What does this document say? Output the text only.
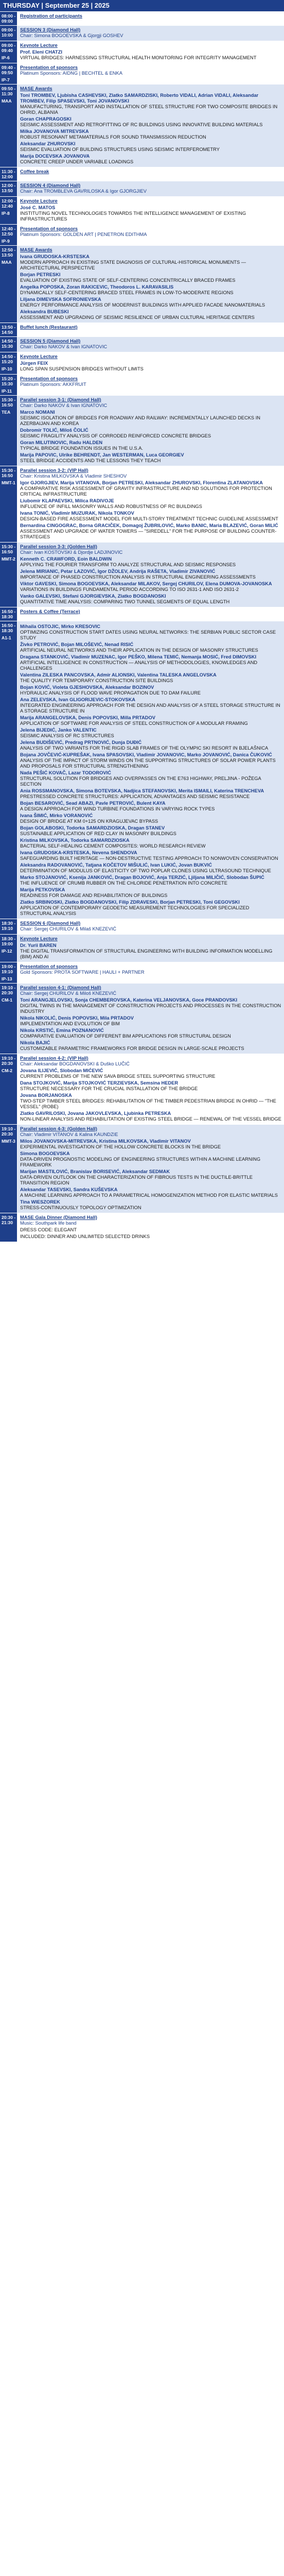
THURSDAY | September 25 | 2025
08:00 - 09:00
Registration of participants
09:00 - 10:00
SESSION 3 (Diamond Hall)
Chair: Simona BOGOEVSKA & Gjorgji GOSHEV
09:00 - 09:40
IP-6
Keynote Lecture
Prof. Eleni CHATZI
VIRTUAL BRIDGES: HARNESSING STRUCTURAL HEALTH MONITORING FOR INTEGRITY MANAGEMENT
09:40 - 09:50
IP-7
Presentation of sponsors
Platinum Sponsors: AIDNG | BECHTEL & ENKA
09:50 - 11:30
MAA
MASE Awards
Toni TROMBEV, Ljubisha CASHEVSKI, Zlatko SAMARDZISKI, Roberto VIDALI, Adrian VIDALI, Aleksandar TROMBEV, Filip SPASEVSKI, Toni JOVANOVSKI
MANUFACTURING, TRANSPORT AND INSTALLATION OF STEEL STRUCTURE FOR TWO COMPOSITE BRIDGES IN OHRID, ALBANIA
Goran CHAPRAGOSKI
SEISMIC ASSESSMENT AND RETROFITTING OF RC BUILDINGS USING INNOVATIVE BUILDING MATERIALS
Milka JOVANOVA MITREVSKA
ROBUST RESONANT METAMATERIALS FOR SOUND TRANSMISSION REDUCTION
Aleksandar ZHUROVSKI
SEISMIC EVALUATION OF BUILDING STRUCTURES USING SEISMIC INTERFEROMETRY
Marija DOCEVSKA JOVANOVA
CONCRETE CREEP UNDER VARIABLE LOADINGS
11:30 - 12:00
Coffee break
12:00 - 13:50
SESSION 4 (Diamond Hall)
Chair: Ana TROMBLEVA GAVRILOSKA & Igor GJORGJIEV
12:00 - 12:40
IP-8
Keynote Lecture
José C. MATOS
INSTITUTING NOVEL TECHNOLOGIES TOWARDS THE INTELLIGENCE MANAGEMENT OF EXISTING INFRASTRUCTURES
12:40 - 12:50
IP-9
Presentation of sponsors
Platinum Sponsors: GOLDEN ART | PENETRON EDITHMA
12:50 - 13:50
MAA
MASE Awards
Ivana GRUDOSKA-KRSTESKA
MODERN APPROACH IN EXISTING STATE DIAGNOSIS OF CULTURAL-HISTORICAL MONUMENTS — ARCHITECTURAL PERSPECTIVE
Borjan PETRESKI
EVALUATION OF EXISTING STATE OF SELF-CENTERING CONCENTRICALLY BRACED FRAMES
Angelka POPOSKA, Zoran RAKICEVIC, Theodoros L. KARAVASILIS
DYNAMICALLY SELF-CENTERING BRACED STEEL FRAMES IN LOW-TO-MODERATE REGIONS
Liljana DIMEVSKA SOFRONIEVSKA
ENERGY PERFORMANCE ANALYSIS OF MODERNIST BUILDINGS WITH APPLIED FACADE NANOMATERIALS
Aleksandra BUBESKI
ASSESSMENT AND UPGRADING OF SEISMIC RESILIENCE OF URBAN CULTURAL HERITAGE CENTERS
13:50 - 14:50
Buffet lunch (Restaurant)
14:50 - 15:30
SESSION 5 (Diamond Hall)
Chair: Darko NAKOV & Ivan IGNATOVIC
14:50 - 15:20
IP-10
Keynote Lecture
Jürgen FEIX
LONG SPAN SUSPENSION BRIDGES WITHOUT LIMITS
15:20 - 15:30
IP-11
Presentation of sponsors
Platinum Sponsors: AKKFRUIT
15:30 - 16:50
TEA
Parallel session 3-1: (Diamond Hall)
Chair: Darko NAKOV & Ivan IGNATOVIC
Marco NOMANI
SEISMIC ISOLATION OF BRIDGES FOR ROADWAY AND RAILWAY: INCREMENTALLY LAUNCHED DECKS IN AZERBAIJAN AND KOREA
Dobromir TOLIĆ, Miloš ČOLIĆ
SEISMIC FRAGILITY ANALYSIS OF CORRODED REINFORCED CONCRETE BRIDGES
Goran MILUTINOVIC, Radu HALDEN
TYPICAL BRIDGE FOUNDATION ISSUES IN THE U.S.A.
Marija PAPOVIC, Ulrike BEHRENDT, Jan WESTERMAN, Luca GEORGIEV
STEEL BRIDGE ACCIDENTS AND THE LESSONS THEY TEACH
15:30 - 16:50
MMT-1
Parallel session 3-2: (VIP Hall)
Chair: Kristina MILKOVSKA & Vladimir SHESHOV
Igor GJORGJIEV, Marija VITANOVA, Borjan PETRESKI, Aleksandar ZHUROVSKI, Florentina ZLATANOVSKA
A COMPARATIVE RISK ASSESSMENT OF GRAVITY INFRASTRUCTURE AND ND SOLUTIONS FOR PROTECTION CRITICAL INFRASTRUCTURE
Liubomir KLAPAEVSKI, Milica RADIVOJE
INFLUENCE OF INFILL MASONRY WALLS AND ROBUSTNESS OF RC BUILDINGS
Ivana TONIĆ, Vladimir MUZURAK, Nikola TONKOV
DESIGN-BASED FIRE ASSESSMENT MODEL FOR MULTI-STORY TREATMENT TECHNIC GUIDELINE ASSESSMENT
Bernardina CINGOGRAC, Borna GRACIČEK, Domagoj ŽUBRILOVIĆ, Marko BANIC, Maria BLAZEVIĆ, Goran MILIĆ
ASSESSMENT AND UPGRADE OF WATER TOWERS — "SIREDELL" FOR THE PURPOSE OF BUILDING COUNTER-STRATEGIES
15:30 - 16:50
MMT-2
Parallel session 3-3: (Golden Hall)
Chair: Ivan KOSTOVSKI & Djordje LADJINOVIC
Kenneth C. CRAWFORD, Eoin BALDWIN
APPLYING THE FOURIER TRANSFORM TO ANALYZE STRUCTURAL AND SEISMIC RESPONSES
Jelena MIRIANIC, Petar LAZOVIĆ, Igor DŽOLEV, Andrija RAŠETA, Vladimir ZIVANOVIĆ
IMPORTANCE OF PHASED CONSTRUCTION ANALYSIS IN STRUCTURAL ENGINEERING ASSESSMENTS
Viktor GAVESKI, Simona BOGOEVSKA, Aleksandar MILAKOV, Sergej CHURILOV, Elena DUMOVA-JOVANOSKA
VARIATIONS IN BUILDINGS FUNDAMENTAL PERIOD ACCORDING TO ISO 2631-1 AND ISO 2631-2
Vanko GALEVSKI, Stefani GJORGIEVSKA, Zlatko BOGDANOSKI
QUANTITATIVE TIME ANALYSIS: COMPARING TWO TUNNEL SEGMENTS OF EQUAL LENGTH
16:50 - 18:30
Posters & Coffee (Terrace)
16:50 - 18:30
A1-1
Mihaila OSTOJIC, Mirko KRESOVIC
OPTIMIZING CONSTRUCTION START DATES USING NEURAL NETWORKS: THE SERBIAN PUBLIC SECTOR CASE STUDY
Živko PETROVIĆ, Bojan MILOŠEVIĆ, Nenad RISIĆ
ARTIFICIAL NEURAL NETWORKS AND THEIR APPLICATION IN THE DESIGN OF MASONRY STRUCTURES
Dragana STANKOVIĆ, Vladimir MUZENAC, Igor PEŠKO, Milena TEMIĆ, Nemanja MOSIĆ, Fred DIMOVSKI
ARTIFICIAL INTELLIGENCE IN CONSTRUCTION — ANALYSIS OF METHODOLOGIES, KNOWLEDGES AND CHALLENGES
Valentina ZILESKA PANCOVSKA, Admir ALIONSKI, Valentina TALESKA ANGELOVSKA
THE QUALITY FOR TEMPORARY CONSTRUCTION SITE BUILDINGS
Bojan KOVIĆ, Violeta GJESHOVSKA, Aleksandar BOZINOV
HYDRAULIC ANALYSIS OF FLOOD WAVE PROPAGATION DUE TO DAM FAILURE
Ana ZELEVSKA, Ivan GLIGORIJEVIC-STOKOVSKA
INTEGRATED ENGINEERING APPROACH FOR THE DESIGN AND ANALYSIS OF A STEEL STORAGE STRUCTURE IN A STORAGE STRUCTURE IN
Marija ARANGELOVSKA, Denis POPOVSKI, Milla PRTADOV
APPLICATION OF SOFTWARE FOR ANALYSIS OF STEEL CONSTRUCTION OF A MODULAR FRAMING
Jelena BIJEDIĆ, Janko VALENTIC
SEISMIC ANALYSIS OF RC STRUCTURES
Jelena BUDIŠEVIĆ, Predrag PRTNOVIĆ, Dunja DUĐIĆ
ANALYSIS OF TWO VARIANTS FOR THE RIGID SLAB FRAMES OF THE OLYMPIC SKI RESORT IN BJELAŠNICA
Bojana JOVČEVIĆ-KUPREŠAK, Ivana SPASOVSKI, Vladimir JOVANOVIC, Marko JOVANOVIĆ, Danica ČUKOVIĆ
ANALYSIS OF THE IMPACT OF STORM WINDS ON THE SUPPORTING STRUCTURES OF SOLAR POWER PLANTS AND PROPOSALS FOR STRUCTURAL STRENGTHENING
Nada PEŠIĆ KOVAČ, Lazar TODOROVIĆ
STRUCTURAL SOLUTION FOR BRIDGES AND OVERPASSES ON THE E763 HIGHWAY, PRELJINA - POŽEGA SECTION
Ania ROSSMANOVSKA, Simona BOTEVSKA, Nadjica STEFANOVSKI, Merita ISMAILI, Katerina TRENCHEVA
PRESTRESSED CONCRETE STRUCTURES: APPLICATION, ADVANTAGES AND SEISMIC RESISTANCE
Bojan BESAROVIĆ, Sead ABAZI, Pavle PETROVIĆ, Bulent KAYA
A DESIGN APPROACH FOR WIND TURBINE FOUNDATIONS IN VARYING ROCK TYPES
Ivana ŠIMIĆ, Mirko VORANOVIĆ
DESIGN OF BRIDGE AT KM 0+125 ON KRAGUJEVAC BYPASS
Bojan GOLABOSKI, Todorka SAMARDZIOSKA, Dragan STANEV
SUSTAINABLE APPLICATION OF RED CLAY IN MASONRY BUILDINGS
Kristina MILKOVSKA, Todorka SAMARDZIOSKA
BACTERIAL SELF-HEALING CEMENT COMPOSITES: WORLD RESEARCH REVIEW
Ivana GRUDOSKA-KRSTESKA, Nevena SHENDOVA
SAFEGUARDING BUILT HERITAGE — NON-DESTRUCTIVE TESTING APPROACH TO NONWOVEN CONSERVATION
Aleksandra RADOVANOVIĆ, Tatjana KOČETOV MIŠULIĆ, Ivan LUKIĆ, Jovan BUKVIĆ
DETERMINATION OF MODULUS OF ELASTICITY OF TWO POPLAR CLONES USING ULTRASOUND TECHNIQUE
Marko STOJANOVIĆ, Ksenija JANKOVIĆ, Dragan BOJOVIĆ, Anja TERZIĆ, Ljiljana MILIČIĆ, Slobodan ŠUPIĆ
THE INFLUENCE OF CRUMB RUBBER ON THE CHLORIDE PENETRATION INTO CONCRETE
Marija PETKOVSKA
READINESS FOR DAMAGE AND REHABILITATION OF BUILDINGS
Zlatko SRBINOSKI, Zlatko BOGDANOVSKI, Filip ZDRAVESKI, Borjan PETRESKI, Toni GEGOVSKI
APPLICATION OF CONTEMPORARY GEODETIC MEASUREMENT TECHNOLOGIES FOR SPECIALIZED STRUCTURAL ANALYSIS
18:30 - 19:10
SESSION 6 (Diamond Hall)
Chair: Sergej CHURILOV & Milaš KNEZEVIĆ
18:30 - 19:00
IP-12
Keynote Lecture
Dr. Yurii BAREN
THE DIGITAL TRANSFORMATION OF STRUCTURAL ENGINEERING WITH BUILDING INFORMATION MODELLING (BIM) AND AI
19:00 - 19:10
IP-13
Presentation of sponsors
Gold Sponsors: PROTA SOFTWARE | HAULI + PARTNER
19:10 - 20:30
CM-1
Parallel session 4-1: (Diamond Hall)
Chair: Sergej CHURILOV & Miloš KNEZEVIĆ
Toni ARANGJELOVSKI, Sonja CHEMBEROVSKA, Katerina VELJANOVSKA, Goce PRANDOVSKI
DIGITAL TWINS IN THE MANAGEMENT OF CONSTRUCTION PROJECTS AND PROCESSES IN THE CONSTRUCTION INDUSTRY
Nikola NIKOLIĆ, Denis POPOVSKI, Mila PRTADOV
IMPLEMENTATION AND EVOLUTION OF BIM
Nikola KRSTIĆ, Emina POZNANOVIĆ
COMPARATIVE EVALUATION OF DIFFERENT BIM APPLICATIONS FOR STRUCTURAL DESIGN
Nikola BAJIĆ
CUSTOMIZABLE PARAMETRIC FRAMEWORKS FOR BRIDGE DESIGN IN LARGE-SCALE PROJECTS
19:10 - 20:30
CM-2
Parallel session 4-2: (VIP Hall)
Chair: Aleksandar BOGDANOVSKI & Duško LUČIĆ
Jovana ILIJEVIĆ, Slobodan MIĆEVIĆ
CURRENT PROBLEMS OF THE NEW SAVA BRIDGE STEEL SUPPORTING STRUCTURE
Dana STOJKOVIĆ, Marija STOJKOVIĆ TERZIEVSKA, Semsina HEDER
STRUCTURE NECESSARY FOR THE CRUCIAL INSTALLATION OF THE BRIDGE
Jovana BORJANOSKA
TWO-STEP TIMBER STEEL BRIDGES: REHABILITATION OF THE TIMBER PEDESTRIAN BRIDGE IN OHRID — "THE VESSEL" (ROBE)
Zlatko GAVRILOSKI, Jovana JAKOVLEVSKA, Ljubinka PETRESKA
NON-LINEAR ANALYSIS AND REHABILITATION OF EXISTING STEEL BRIDGE — RENEWAL OF THE VESSEL BRIDGE
19:10 - 20:30
MMT-3
Parallel session 4-3: (Golden Hall)
Chair: Vladimir VITANOV & Kalina KAUNDZIE
Milos JOVANOVSKA-MITREVSKA, Kristina MILKOVSKA, Vladimir VITANOV
EXPERIMENTAL INVESTIGATION OF THE HOLLOW CONCRETE BLOCKS IN THE BRIDGE
Simona BOGOEVSKA
DATA-DRIVEN PROGNOSTIC MODELING OF ENGINEERING STRUCTURES WITHIN A MACHINE LEARNING FRAMEWORK
Marijan MASTILOVIĆ, Branislav BORISEVIĆ, Aleksandar SEDMAK
DATA-DRIVEN OUTLOOK ON THE CHARACTERIZATION OF FIBROUS TESTS IN THE DUCTILE-BRITTLE TRANSITION REGION
Aleksandar TASEVSKI, Sandra KUŠEVSKA
A MACHINE LEARNING APPROACH TO A PARAMETRICAL HOMOGENIZATION METHOD FOR ELASTIC MATERIALS
Tina WIESZOREK
STRESS-CONTINUOUSLY TOPOLOGY OPTIMIZATION
20:30 - 21:30
MASE Gala Dinner (Diamond Hall)
Music: Southpark life band
DRESS CODE: ELEGANT
INCLUDED: DINNER AND UNLIMITED SELECTED DRINKS
